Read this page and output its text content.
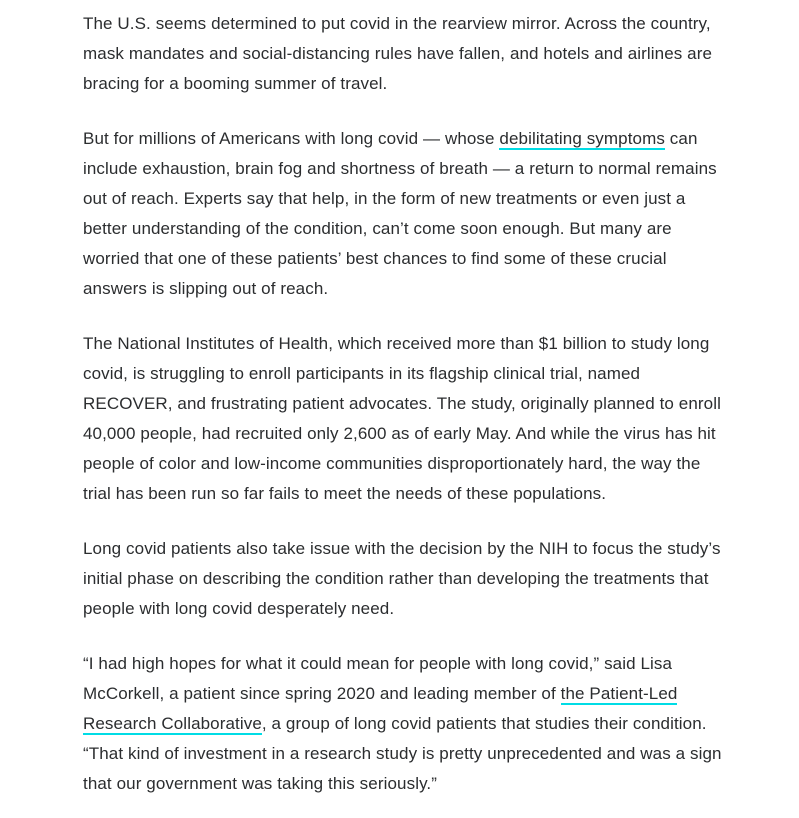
The U.S. seems determined to put covid in the rearview mirror. Across the country, mask mandates and social-distancing rules have fallen, and hotels and airlines are bracing for a booming summer of travel.

But for millions of Americans with long covid — whose debilitating symptoms can include exhaustion, brain fog and shortness of breath — a return to normal remains out of reach. Experts say that help, in the form of new treatments or even just a better understanding of the condition, can’t come soon enough. But many are worried that one of these patients’ best chances to find some of these crucial answers is slipping out of reach.

The National Institutes of Health, which received more than $1 billion to study long covid, is struggling to enroll participants in its flagship clinical trial, named RECOVER, and frustrating patient advocates. The study, originally planned to enroll 40,000 people, had recruited only 2,600 as of early May. And while the virus has hit people of color and low-income communities disproportionately hard, the way the trial has been run so far fails to meet the needs of these populations.

Long covid patients also take issue with the decision by the NIH to focus the study’s initial phase on describing the condition rather than developing the treatments that people with long covid desperately need.

“I had high hopes for what it could mean for people with long covid,” said Lisa McCorkell, a patient since spring 2020 and leading member of the Patient-Led Research Collaborative, a group of long covid patients that studies their condition. “That kind of investment in a research study is pretty unprecedented and was a sign that our government was taking this seriously.”
